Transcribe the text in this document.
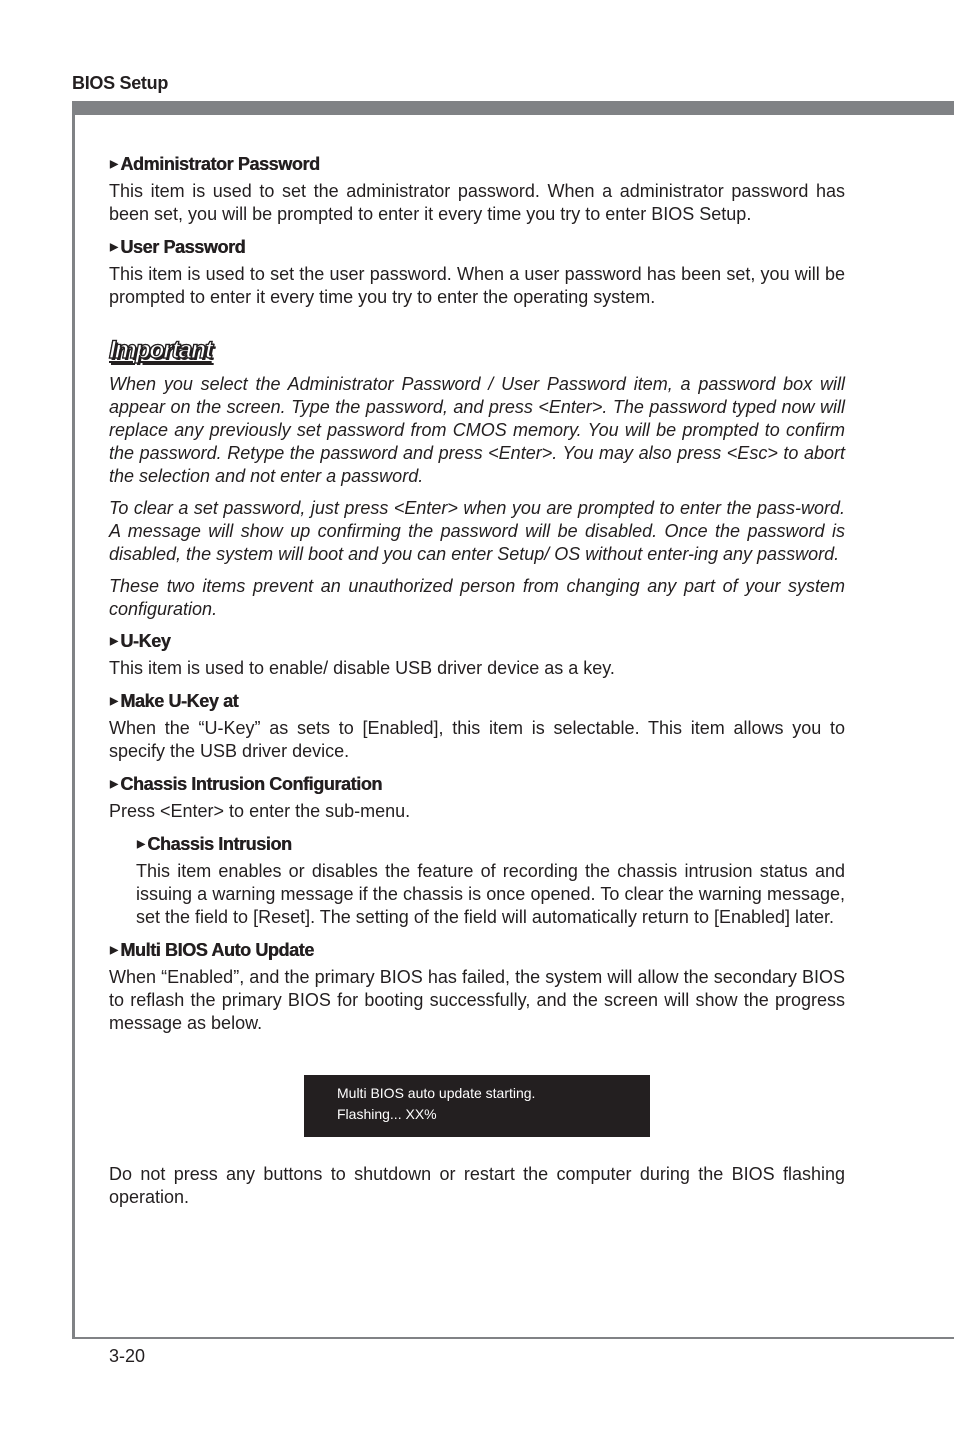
BIOS Setup
▶ Administrator Password

This item is used to set the administrator password. When a administrator password has been set, you will be prompted to enter it every time you try to enter BIOS Setup.

▶ User Password

This item is used to set the user password. When a user password has been set, you will be prompted to enter it every time you try to enter the operating system.

Important

When you select the Administrator Password / User Password item, a password box will appear on the screen. Type the password, and press <Enter>. The password typed now will replace any previously set password from CMOS memory. You will be prompted to confirm the password. Retype the password and press <Enter>. You may also press <Esc> to abort the selection and not enter a password.

To clear a set password, just press <Enter> when you are prompted to enter the pass-word. A message will show up confirming the password will be disabled. Once the password is disabled, the system will boot and you can enter Setup/ OS without enter-ing any password.

These two items prevent an unauthorized person from changing any part of your system configuration.

▶ U-Key

This item is used to enable/ disable USB driver device as a key.

▶ Make U-Key at

When the “U-Key” as sets to [Enabled], this item is selectable. This item allows you to specify the USB driver device.

▶ Chassis Intrusion Configuration

Press <Enter> to enter the sub-menu.

▶ Chassis Intrusion

This item enables or disables the feature of recording the chassis intrusion status and issuing a warning message if the chassis is once opened. To clear the warning message, set the field to [Reset]. The setting of the field will automatically return to [Enabled] later.

▶ Multi BIOS Auto Update

When “Enabled”, and the primary BIOS has failed, the system will allow the secondary BIOS to reflash the primary BIOS for booting successfully, and the screen will show the progress message as below.

Multi BIOS auto update starting.
Flashing... XX%

Do not press any buttons to shutdown or restart the computer during the BIOS flashing operation.

3-20
